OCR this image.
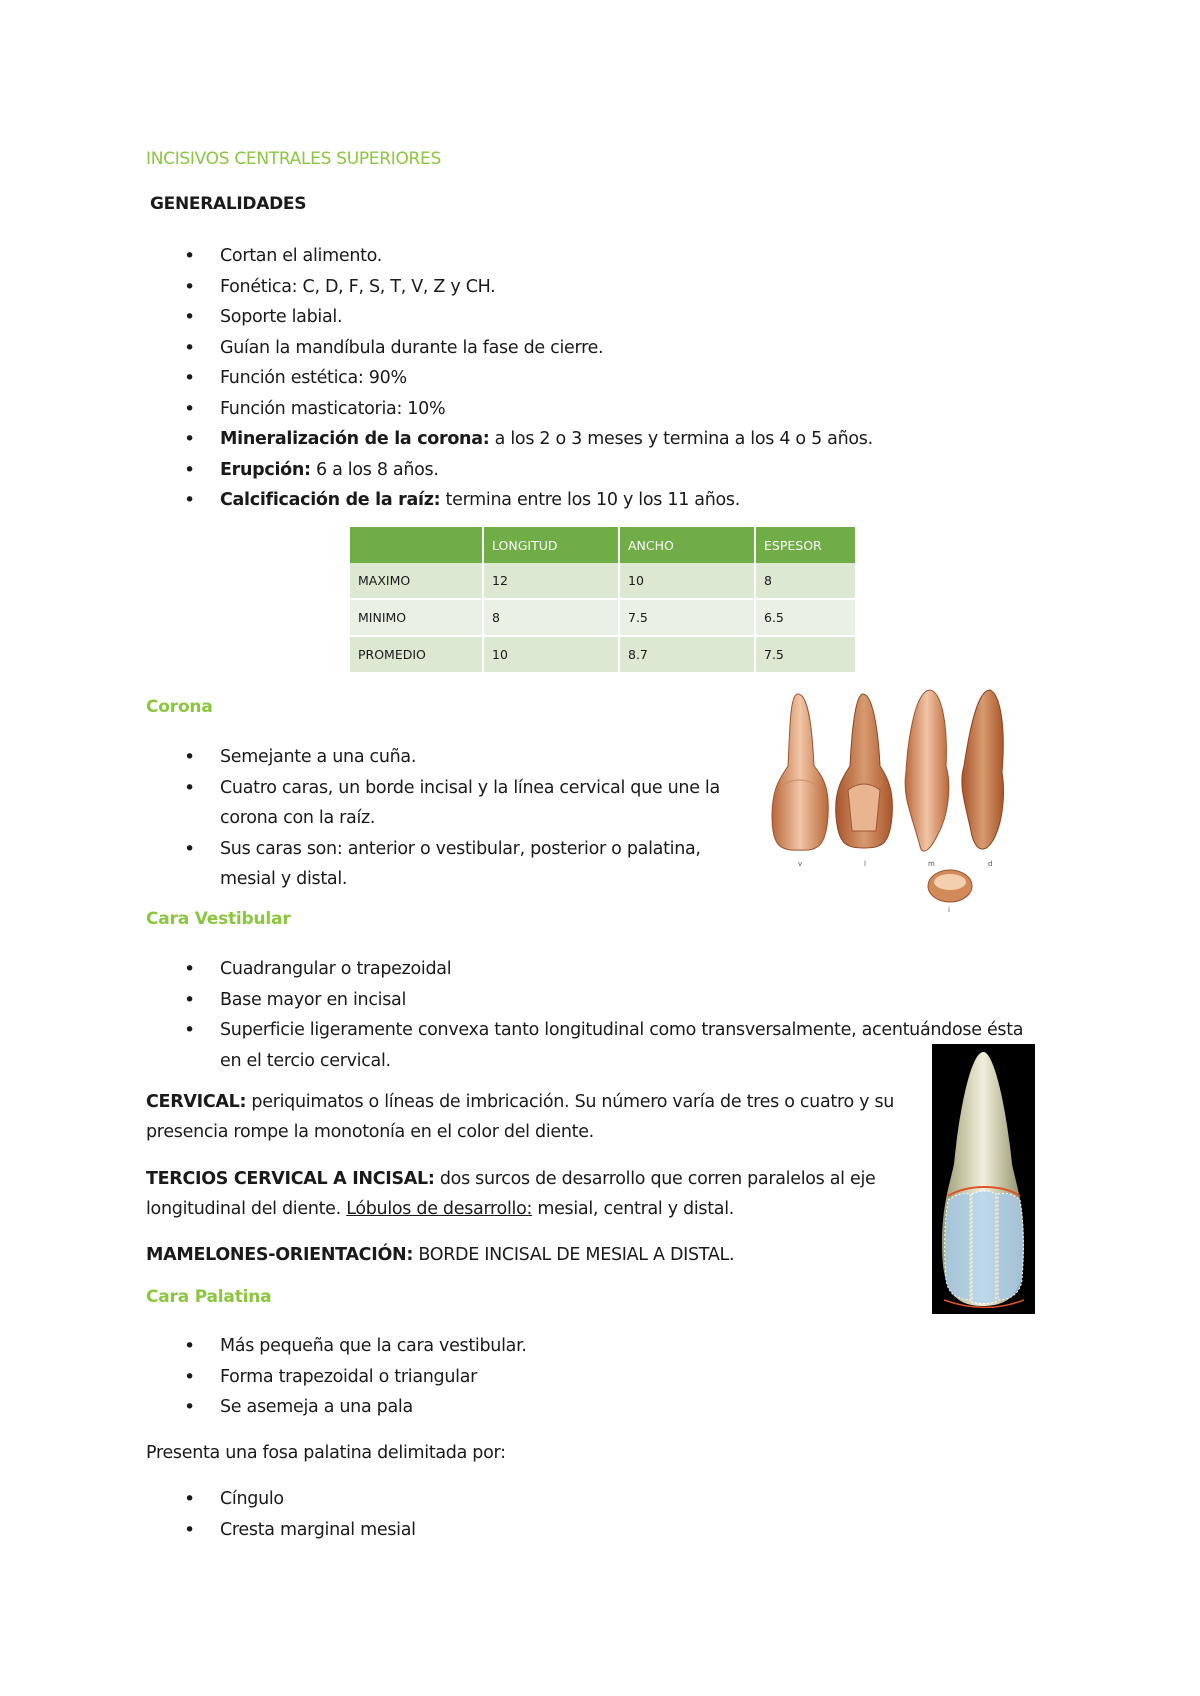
INCISIVOS CENTRALES SUPERIORES
GENERALIDADES
• Cortan el alimento.
• Fonética: C, D, F, S, T, V, Z y CH.
• Soporte labial.
• Guían la mandíbula durante la fase de cierre.
• Función estética: 90%
• Función masticatoria: 10%
• Mineralización de la corona: a los 2 o 3 meses y termina a los 4 o 5 años.
• Erupción: 6 a los 8 años.
• Calcificación de la raíz: termina entre los 10 y los 11 años.
	LONGITUD	ANCHO	ESPESOR
MAXIMO	12	10	8
MINIMO	8	7.5	6.5
PROMEDIO	10	8.7	7.5
Corona
• Semejante a una cuña.
• Cuatro caras, un borde incisal y la línea cervical que une la corona con la raíz.
• Sus caras son: anterior o vestibular, posterior o palatina, mesial y distal.
v	l	m	d
i
Cara Vestibular
• Cuadrangular o trapezoidal
• Base mayor en incisal
• Superficie ligeramente convexa tanto longitudinal como transversalmente, acentuándose ésta en el tercio cervical.
CERVICAL: periquimatos o líneas de imbricación. Su número varía de tres o cuatro y su presencia rompe la monotonía en el color del diente.
TERCIOS CERVICAL A INCISAL: dos surcos de desarrollo que corren paralelos al eje longitudinal del diente. Lóbulos de desarrollo: mesial, central y distal.
MAMELONES-ORIENTACIÓN: BORDE INCISAL DE MESIAL A DISTAL.
Cara Palatina
• Más pequeña que la cara vestibular.
• Forma trapezoidal o triangular
• Se asemeja a una pala
Presenta una fosa palatina delimitada por:
• Cíngulo
• Cresta marginal mesial
